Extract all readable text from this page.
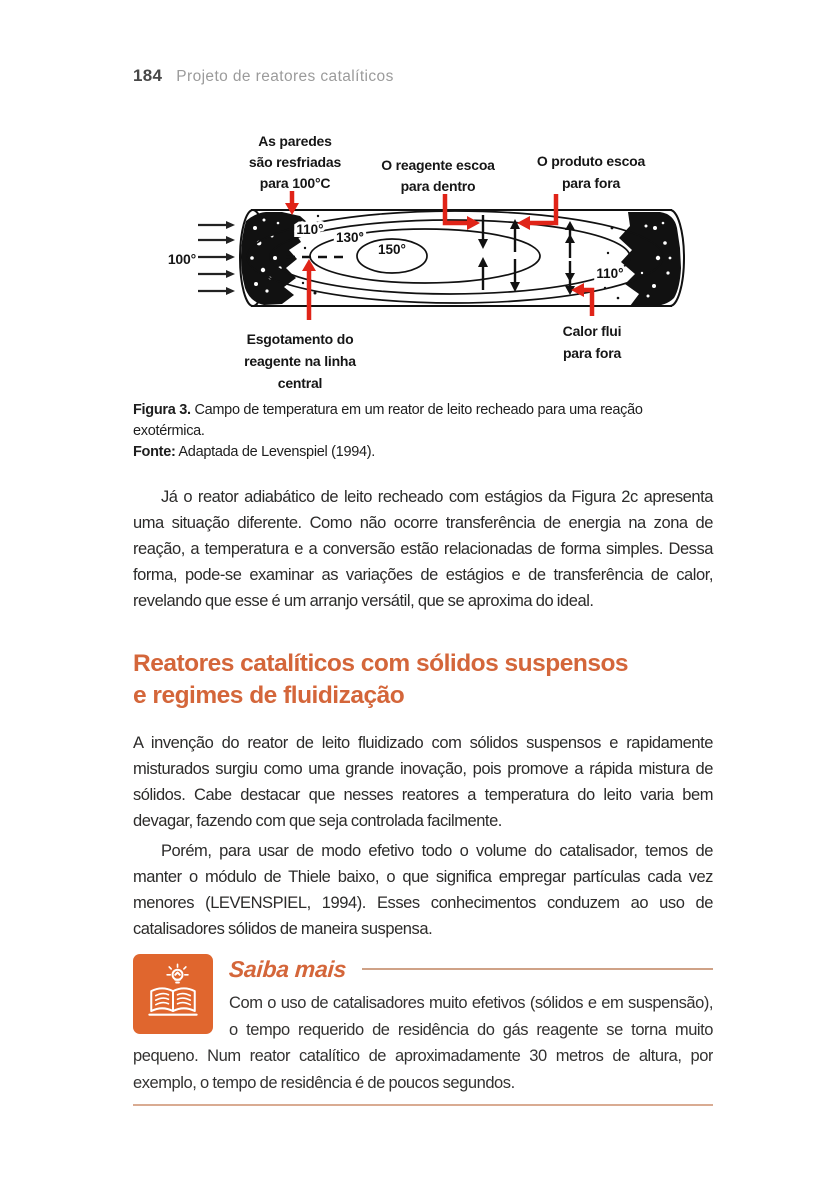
184 Projeto de reatores catalíticos
110°
130°
150°
110°
100°
As paredes
são resfriadas
para 100°C
O reagente escoa
para dentro
O produto escoa
para fora
Esgotamento do
reagente na linha
central
Calor flui
para fora
Figura 3. Campo de temperatura em um reator de leito recheado para uma reação exotérmica.
Fonte: Adaptada de Levenspiel (1994).

Já o reator adiabático de leito recheado com estágios da Figura 2c apresenta uma situação diferente. Como não ocorre transferência de energia na zona de reação, a temperatura e a conversão estão relacionadas de forma simples. Dessa forma, pode-se examinar as variações de estágios e de transferência de calor, revelando que esse é um arranjo versátil, que se aproxima do ideal.

Reatores catalíticos com sólidos suspensos
e regimes de fluidização

A invenção do reator de leito fluidizado com sólidos suspensos e rapidamente misturados surgiu como uma grande inovação, pois promove a rápida mistura de sólidos. Cabe destacar que nesses reatores a temperatura do leito varia bem devagar, fazendo com que seja controlada facilmente.

Porém, para usar de modo efetivo todo o volume do catalisador, temos de manter o módulo de Thiele baixo, o que significa empregar partículas cada vez menores (LEVENSPIEL, 1994). Esses conhecimentos conduzem ao uso de catalisadores sólidos de maneira suspensa.

Saiba mais

Com o uso de catalisadores muito efetivos (sólidos e em suspensão), o tempo requerido de residência do gás reagente se torna muito pequeno. Num reator catalítico de aproximadamente 30 metros de altura, por exemplo, o tempo de residência é de poucos segundos.
